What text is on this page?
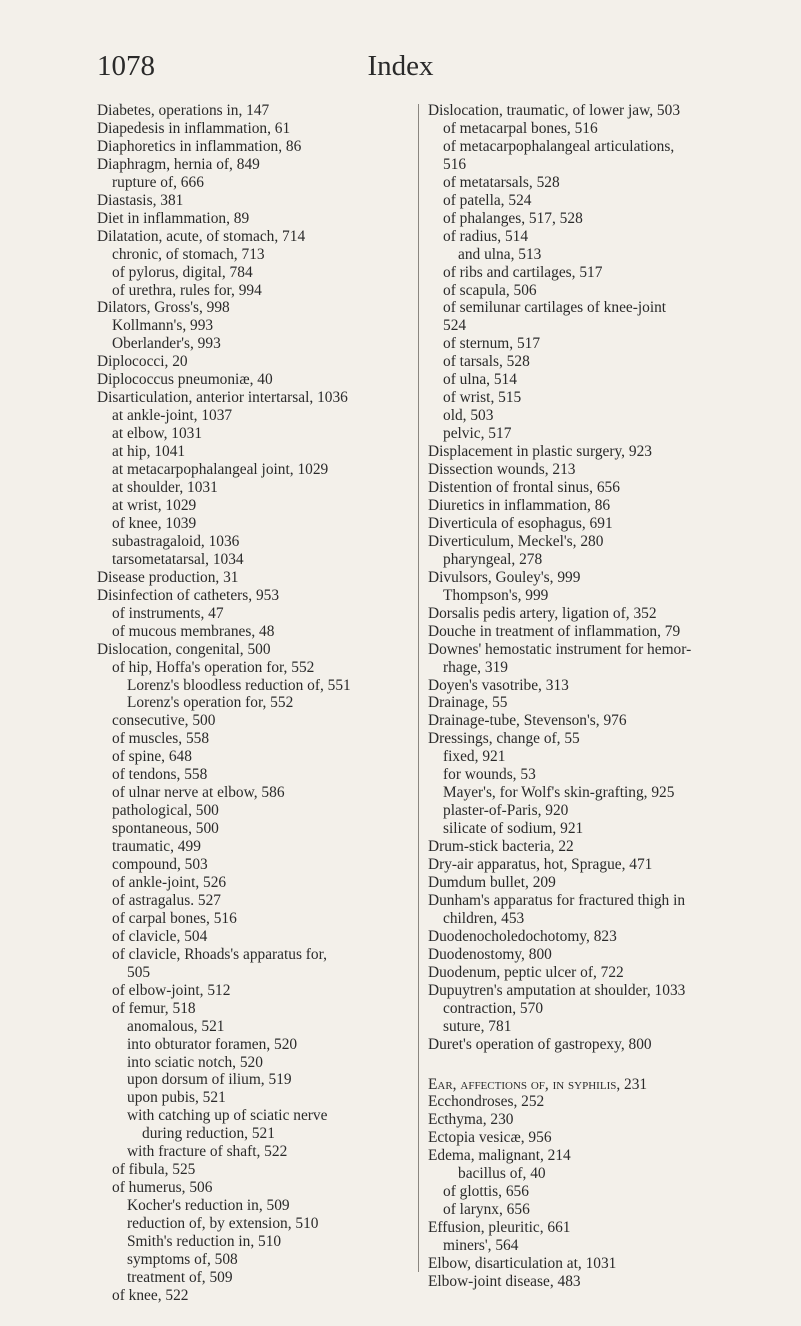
1078	Index
Diabetes, operations in, 147
Diapedesis in inflammation, 61
Diaphoretics in inflammation, 86
Diaphragm, hernia of, 849
rupture of, 666
Diastasis, 381
Diet in inflammation, 89
Dilatation, acute, of stomach, 714
chronic, of stomach, 713
of pylorus, digital, 784
of urethra, rules for, 994
Dilators, Gross's, 998
Kollmann's, 993
Oberlander's, 993
Diplococci, 20
Diplococcus pneumoniæ, 40
Disarticulation, anterior intertarsal, 1036
at ankle-joint, 1037
at elbow, 1031
at hip, 1041
at metacarpophalangeal joint, 1029
at shoulder, 1031
at wrist, 1029
of knee, 1039
subastragaloid, 1036
tarsometatarsal, 1034
Disease production, 31
Disinfection of catheters, 953
of instruments, 47
of mucous membranes, 48
Dislocation, congenital, 500
of hip, Hoffa's operation for, 552
Lorenz's bloodless reduction of, 551
Lorenz's operation for, 552
consecutive, 500
of muscles, 558
of spine, 648
of tendons, 558
of ulnar nerve at elbow, 586
pathological, 500
spontaneous, 500
traumatic, 499
compound, 503
of ankle-joint, 526
of astragalus. 527
of carpal bones, 516
of clavicle, 504
of clavicle, Rhoads's apparatus for,
505
of elbow-joint, 512
of femur, 518
anomalous, 521
into obturator foramen, 520
into sciatic notch, 520
upon dorsum of ilium, 519
upon pubis, 521
with catching up of sciatic nerve
during reduction, 521
with fracture of shaft, 522
of fibula, 525
of humerus, 506
Kocher's reduction in, 509
reduction of, by extension, 510
Smith's reduction in, 510
symptoms of, 508
treatment of, 509
of knee, 522
Dislocation, traumatic, of lower jaw, 503
of metacarpal bones, 516
of metacarpophalangeal articulations,
516
of metatarsals, 528
of patella, 524
of phalanges, 517, 528
of radius, 514
and ulna, 513
of ribs and cartilages, 517
of scapula, 506
of semilunar cartilages of knee-joint
524
of sternum, 517
of tarsals, 528
of ulna, 514
of wrist, 515
old, 503
pelvic, 517
Displacement in plastic surgery, 923
Dissection wounds, 213
Distention of frontal sinus, 656
Diuretics in inflammation, 86
Diverticula of esophagus, 691
Diverticulum, Meckel's, 280
pharyngeal, 278
Divulsors, Gouley's, 999
Thompson's, 999
Dorsalis pedis artery, ligation of, 352
Douche in treatment of inflammation, 79
Downes' hemostatic instrument for hemor-
rhage, 319
Doyen's vasotribe, 313
Drainage, 55
Drainage-tube, Stevenson's, 976
Dressings, change of, 55
fixed, 921
for wounds, 53
Mayer's, for Wolf's skin-grafting, 925
plaster-of-Paris, 920
silicate of sodium, 921
Drum-stick bacteria, 22
Dry-air apparatus, hot, Sprague, 471
Dumdum bullet, 209
Dunham's apparatus for fractured thigh in
children, 453
Duodenocholedochotomy, 823
Duodenostomy, 800
Duodenum, peptic ulcer of, 722
Dupuytren's amputation at shoulder, 1033
contraction, 570
suture, 781
Duret's operation of gastropexy, 800
Ear, affections of, in syphilis, 231
Ecchondroses, 252
Ecthyma, 230
Ectopia vesicæ, 956
Edema, malignant, 214
bacillus of, 40
of glottis, 656
of larynx, 656
Effusion, pleuritic, 661
miners', 564
Elbow, disarticulation at, 1031
Elbow-joint disease, 483
